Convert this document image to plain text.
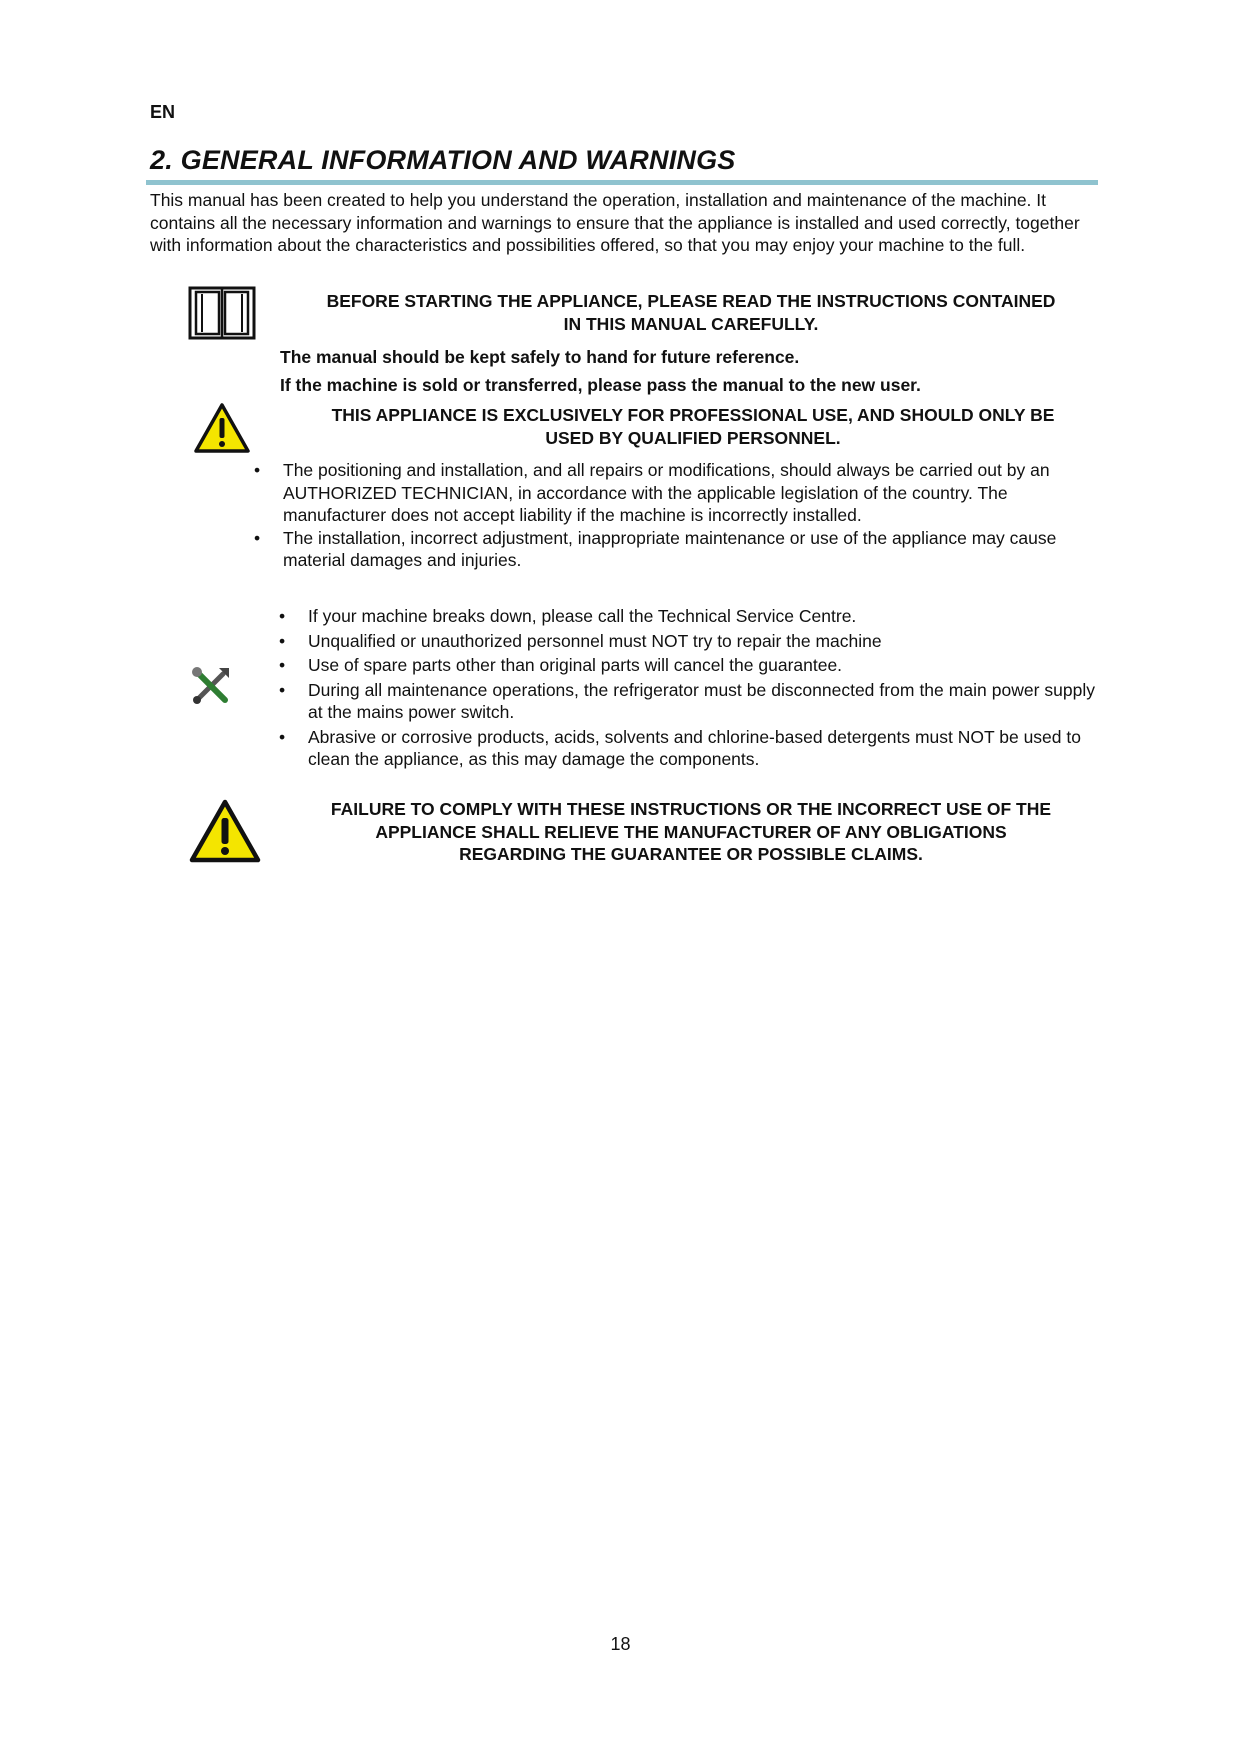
EN
2. GENERAL INFORMATION AND WARNINGS
This manual has been created to help you understand the operation, installation and maintenance of the machine. It contains all the necessary information and warnings to ensure that the appliance is installed and used correctly, together with information about the characteristics and possibilities offered, so that you may enjoy your machine to the full.
BEFORE STARTING THE APPLIANCE, PLEASE READ THE INSTRUCTIONS CONTAINED
IN THIS MANUAL CAREFULLY.
The manual should be kept safely to hand for future reference.
If the machine is sold or transferred, please pass the manual to the new user.
THIS APPLIANCE IS EXCLUSIVELY FOR PROFESSIONAL USE, AND SHOULD ONLY BE
USED BY QUALIFIED PERSONNEL.
• The positioning and installation, and all repairs or modifications, should always be carried out by an AUTHORIZED TECHNICIAN, in accordance with the applicable legislation of the country. The manufacturer does not accept liability if the machine is incorrectly installed.
• The installation, incorrect adjustment, inappropriate maintenance or use of the appliance may cause material damages and injuries.
• If your machine breaks down, please call the Technical Service Centre.
• Unqualified or unauthorized personnel must NOT try to repair the machine
• Use of spare parts other than original parts will cancel the guarantee.
• During all maintenance operations, the refrigerator must be disconnected from the main power supply at the mains power switch.
• Abrasive or corrosive products, acids, solvents and chlorine-based detergents must NOT be used to clean the appliance, as this may damage the components.
FAILURE TO COMPLY WITH THESE INSTRUCTIONS OR THE INCORRECT USE OF THE
APPLIANCE SHALL RELIEVE THE MANUFACTURER OF ANY OBLIGATIONS
REGARDING THE GUARANTEE OR POSSIBLE CLAIMS.
18
